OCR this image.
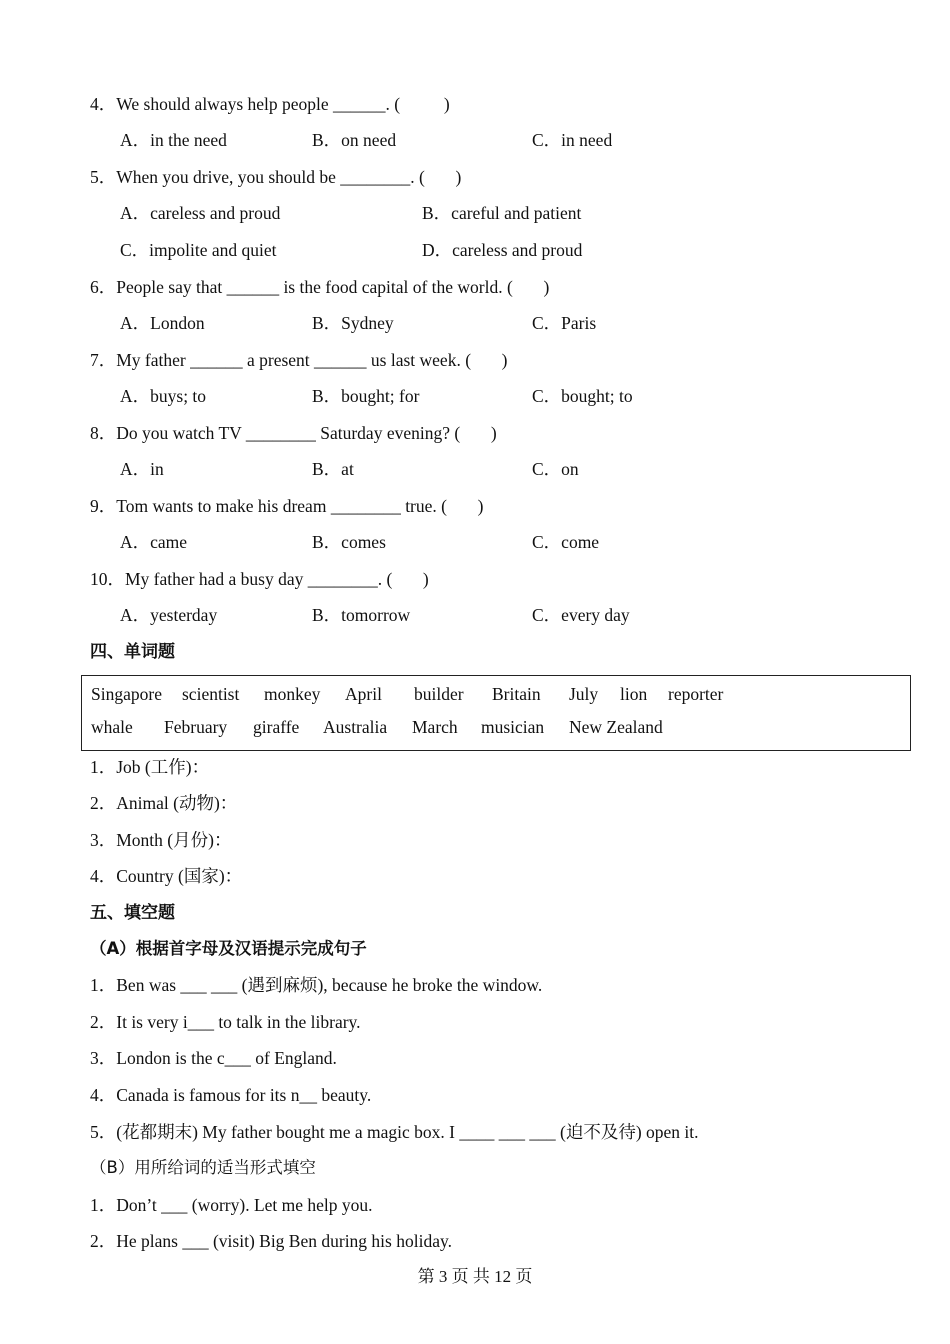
4．We should always help people ______. (          )
A．in the need	B．on need	C．in need
5．When you drive, you should be ________. (       )
A．careless and proud	B．careful and patient
C．impolite and quiet	D．careless and proud
6．People say that ______ is the food capital of the world. (       )
A．London	B．Sydney	C．Paris
7．My father ______ a present ______ us last week. (       )
A．buys; to	B．bought; for	C．bought; to
8．Do you watch TV ________ Saturday evening? (       )
A．in	B．at	C．on
9．Tom wants to make his dream ________ true. (       )
A．came	B．comes	C．come
10．My father had a busy day ________. (       )
A．yesterday	B．tomorrow	C．every day
四、单词题
Singapore scientist monkey April builder Britain July lion reporter
whale February giraffe Australia March musician New Zealand
1．Job (工作)：
2．Animal (动物)：
3．Month (月份)：
4．Country (国家)：
五、填空题
（A）根据首字母及汉语提示完成句子
1．Ben was ___ ___ (遇到麻烦), because he broke the window.
2．It is very i___ to talk in the library.
3．London is the c___ of England.
4．Canada is famous for its n__ beauty.
5．(花都期末) My father bought me a magic box. I ____ ___ ___ (迫不及待) open it.
（B）用所给词的适当形式填空
1．Don’t ___ (worry). Let me help you.
2．He plans ___ (visit) Big Ben during his holiday.
第 3 页 共 12 页
